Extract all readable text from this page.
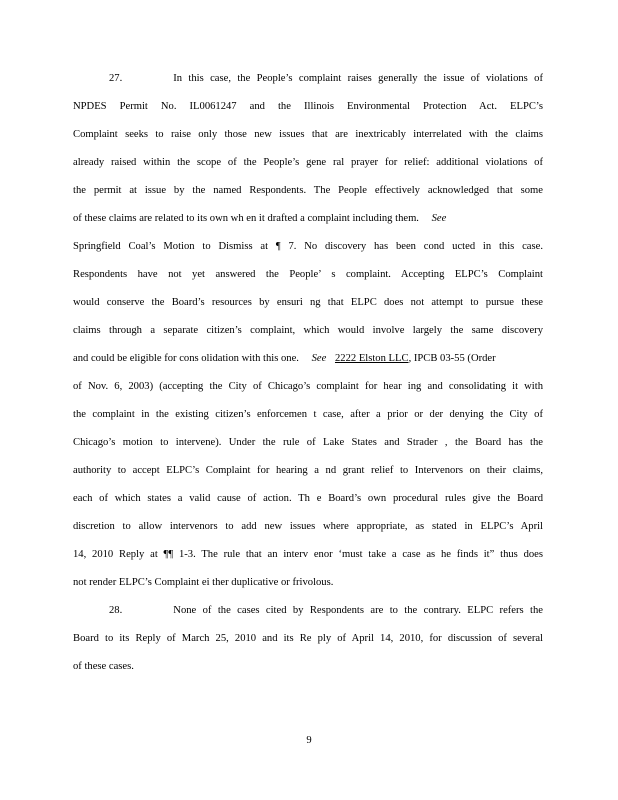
27.        In this case, the People’s complaint raises generally the issue of violations of
NPDES Permit No. IL0061247 and the Illinois Environmental Protection Act. ELPC’s
Complaint seeks to raise only those new issues that are inextricably interrelated with the claims
already raised within the scope of the People’s gene ral prayer for relief: additional violations of
the permit at issue by the named Respondents. The People effectively acknowledged that some
of these claims are related to its own wh en it drafted a complaint including them. See
Springfield Coal’s Motion to Dismiss at ¶ 7. No discovery has been cond ucted in this case.
Respondents have not yet answered the People’ s complaint. Accepting ELPC’s Complaint
would conserve the Board’s resources by ensuri ng that ELPC does not attempt to pursue these
claims through a separate citizen’s complaint, which would involve largely the same discovery
and could be eligible for cons olidation with this one. See 2222 Elston LLC, IPCB 03-55 (Order
of Nov. 6, 2003) (accepting the City of Chicago’s complaint for hear ing and consolidating it with
the complaint in the existing citizen’s enforcemen t case, after a prior or der denying the City of
Chicago’s motion to intervene). Under the rule of Lake States and Strader , the Board has the
authority to accept ELPC’s Complaint for hearing a nd grant relief to Intervenors on their claims,
each of which states a valid cause of action. Th e Board’s own procedural rules give the Board
discretion to allow intervenors to add new issues where appropriate, as stated in ELPC’s April
14, 2010 Reply at ¶¶ 1-3. The rule that an interv enor ‘must take a case as he finds it” thus does
not render ELPC’s Complaint ei ther duplicative or frivolous.
28.        None of the cases cited by Respondents are to the contrary. ELPC refers the
Board to its Reply of March 25, 2010 and its Re ply of April 14, 2010, for discussion of several
of these cases.
9
